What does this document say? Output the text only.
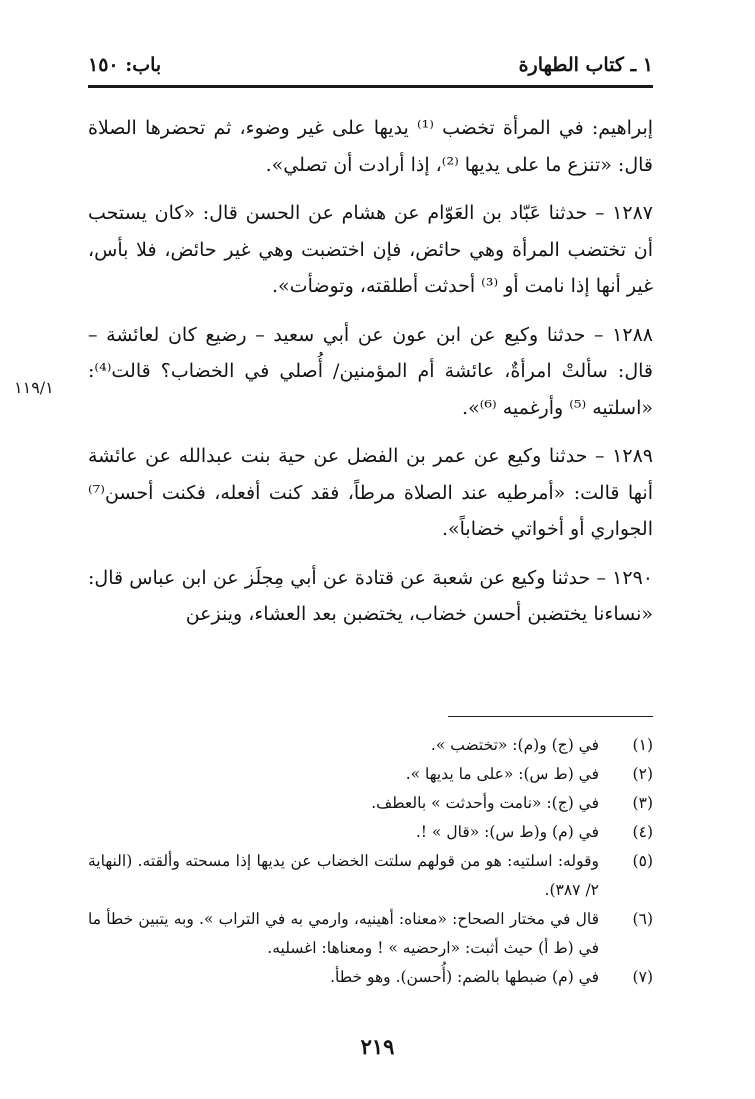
١ ـ كتاب الطهارة
باب: ١٥٠

إبراهيم: في المرأة تخضب ⁽¹⁾ يديها على غير وضوء، ثم تحضرها الصلاة قال: «تنزع ما على يديها ⁽²⁾، إذا أرادت أن تصلي».

١٢٨٧ – حدثنا عَبّاد بن العَوّام عن هشام عن الحسن قال: «كان يستحب أن تختضب المرأة وهي حائض، فإن اختضبت وهي غير حائض، فلا بأس، غير أنها إذا نامت أو ⁽³⁾ أحدثت أطلقته، وتوضأت».

١٢٨٨ – حدثنا وكيع عن ابن عون عن أبي سعيد – رضيع كان لعائشة – قال: سألتْ امرأةٌ، عائشة أم المؤمنين/ أُصلي في الخضاب؟ قالت⁽⁴⁾: «اسلتيه ⁽⁵⁾ وأرغميه ⁽⁶⁾».

١٢٨٩ – حدثنا وكيع عن عمر بن الفضل عن حية بنت عبدالله عن عائشة أنها قالت: «أمرطيه عند الصلاة مرطاً، فقد كنت أفعله، فكنت أحسن⁽⁷⁾ الجواري أو أخواتي خضاباً».

١٢٩٠ – حدثنا وكيع عن شعبة عن قتادة عن أبي مِجلَز عن ابن عباس قال: «نساءنا يختضبن أحسن خضاب، يختضبن بعد العشاء، وينزعن

١١٩/١
(١)
في (ج) و(م): «تختضب ».
(٢)
في (ط س): «على ما يديها ».
(٣)
في (ج): «نامت وأحدثت » بالعطف.
(٤)
في (م) و(ط س): «قال » !.
(٥)
وقوله: اسلتيه: هو من قولهم سلتت الخضاب عن يديها إذا مسحته وألقته. (النهاية ٢/ ٣٨٧).
(٦)
قال في مختار الصحاح: «معناه: أهينيه، وارمي به في التراب ». وبه يتبين خطأ ما في (ط أ) حيث أثبت: «ارحضيه » ! ومعناها: اغسليه.
(٧)
في (م) ضبطها بالضم: (أُحسن). وهو خطأ.
٢١٩
